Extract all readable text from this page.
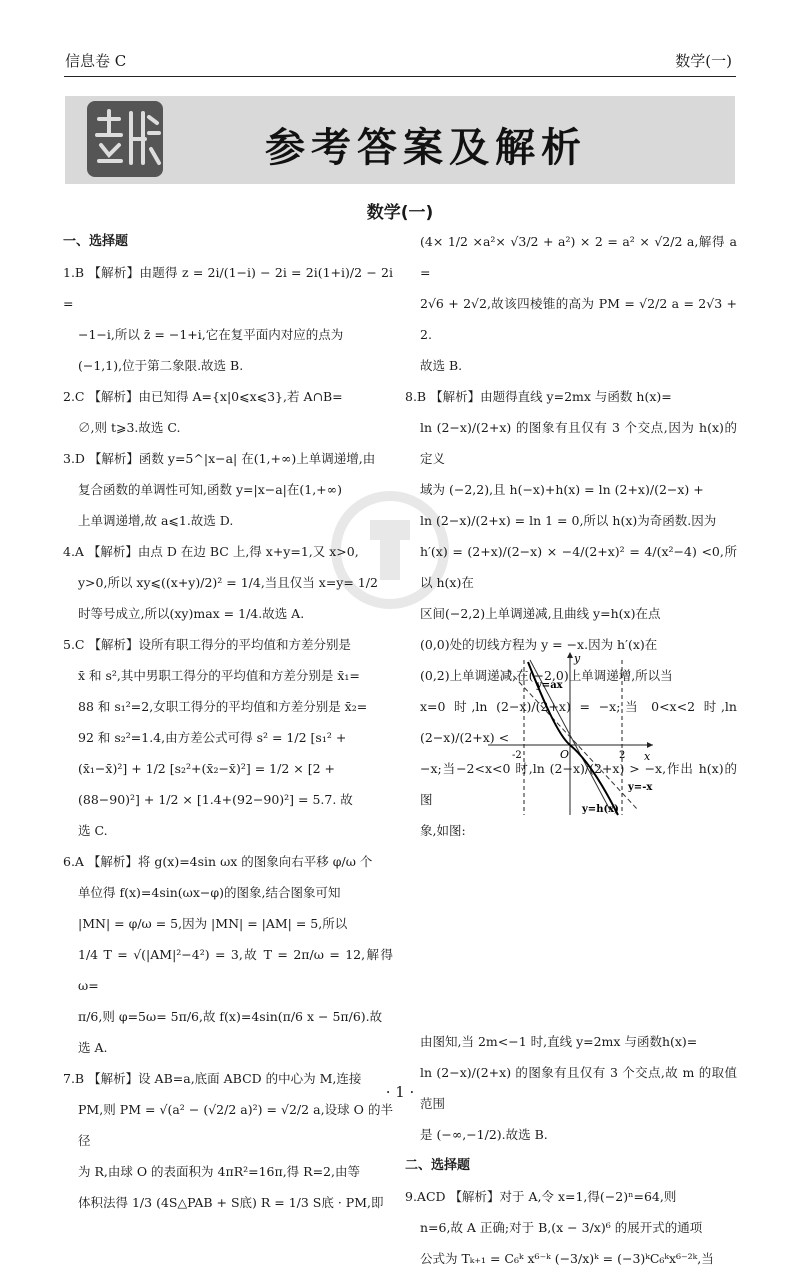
信息卷 C	数学(一)
参考答案及解析
数学(一)
一、选择题
1.B 【解析】由题得 z = 2i/(1−i) − 2i = 2i(1+i)/2 − 2i =
−1−i,所以 z̄ = −1+i,它在复平面内对应的点为
(−1,1),位于第二象限.故选 B.
2.C 【解析】由已知得 A={x|0⩽x⩽3},若 A∩B=
∅,则 t⩾3.故选 C.
3.D 【解析】函数 y=5^|x−a| 在(1,+∞)上单调递增,由
复合函数的单调性可知,函数 y=|x−a|在(1,+∞)
上单调递增,故 a⩽1.故选 D.
4.A 【解析】由点 D 在边 BC 上,得 x+y=1,又 x>0,
y>0,所以 xy⩽((x+y)/2)² = 1/4,当且仅当 x=y= 1/2
时等号成立,所以(xy)max = 1/4.故选 A.
5.C 【解析】设所有职工得分的平均值和方差分别是
x̄ 和 s²,其中男职工得分的平均值和方差分别是 x̄₁=
88 和 s₁²=2,女职工得分的平均值和方差分别是 x̄₂=
92 和 s₂²=1.4,由方差公式可得 s² = 1/2 [s₁² +
(x̄₁−x̄)²] + 1/2 [s₂²+(x̄₂−x̄)²] = 1/2 × [2 +
(88−90)²] + 1/2 × [1.4+(92−90)²] = 5.7. 故
选 C.
6.A 【解析】将 g(x)=4sin ωx 的图象向右平移 φ/ω 个
单位得 f(x)=4sin(ωx−φ)的图象,结合图象可知
|MN| = φ/ω = 5,因为 |MN| = |AM| = 5,所以
1/4 T = √(|AM|²−4²) = 3,故 T = 2π/ω = 12,解得 ω=
π/6,则 φ=5ω= 5π/6,故 f(x)=4sin(π/6 x − 5π/6).故
选 A.
7.B 【解析】设 AB=a,底面 ABCD 的中心为 M,连接
PM,则 PM = √(a² − (√2/2 a)²) = √2/2 a,设球 O 的半径
为 R,由球 O 的表面积为 4πR²=16π,得 R=2,由等
体积法得 1/3 (4S△PAB + S底) R = 1/3 S底 · PM,即
(4× 1/2 ×a²× √3/2 + a²) × 2 = a² × √2/2 a,解得 a =
2√6 + 2√2,故该四棱锥的高为 PM = √2/2 a = 2√3 + 2.
故选 B.
8.B 【解析】由题得直线 y=2mx 与函数 h(x)=
ln (2−x)/(2+x) 的图象有且仅有 3 个交点,因为 h(x)的定义
域为 (−2,2),且 h(−x)+h(x) = ln (2+x)/(2−x) +
ln (2−x)/(2+x) = ln 1 = 0,所以 h(x)为奇函数.因为
h′(x) = (2+x)/(2−x) × −4/(2+x)² = 4/(x²−4) <0,所以 h(x)在
区间(−2,2)上单调递减,且曲线 y=h(x)在点
(0,0)处的切线方程为 y = −x.因为 h′(x)在
(0,2)上单调递减,在(−2,0)上单调递增,所以当
x=0 时,ln (2−x)/(2+x) = −x;当 0<x<2 时,ln (2−x)/(2+x) <
−x;当−2<x<0 时,ln (2−x)/(2+x) > −x,作出 h(x)的图
象,如图:
由图知,当 2m<−1 时,直线 y=2mx 与函数h(x)=
ln (2−x)/(2+x) 的图象有且仅有 3 个交点,故 m 的取值范围
是 (−∞,−1/2).故选 B.
二、选择题
9.ACD 【解析】对于 A,令 x=1,得(−2)ⁿ=64,则
n=6,故 A 正确;对于 B,(x − 3/x)⁶ 的展开式的通项
公式为 Tₖ₊₁ = C₆ᵏ x⁶⁻ᵏ (−3/x)ᵏ = (−3)ᵏC₆ᵏx⁶⁻²ᵏ,当
y
x
O
-2	2
y=ax
y=-x
y=h(x)
· 1 ·
